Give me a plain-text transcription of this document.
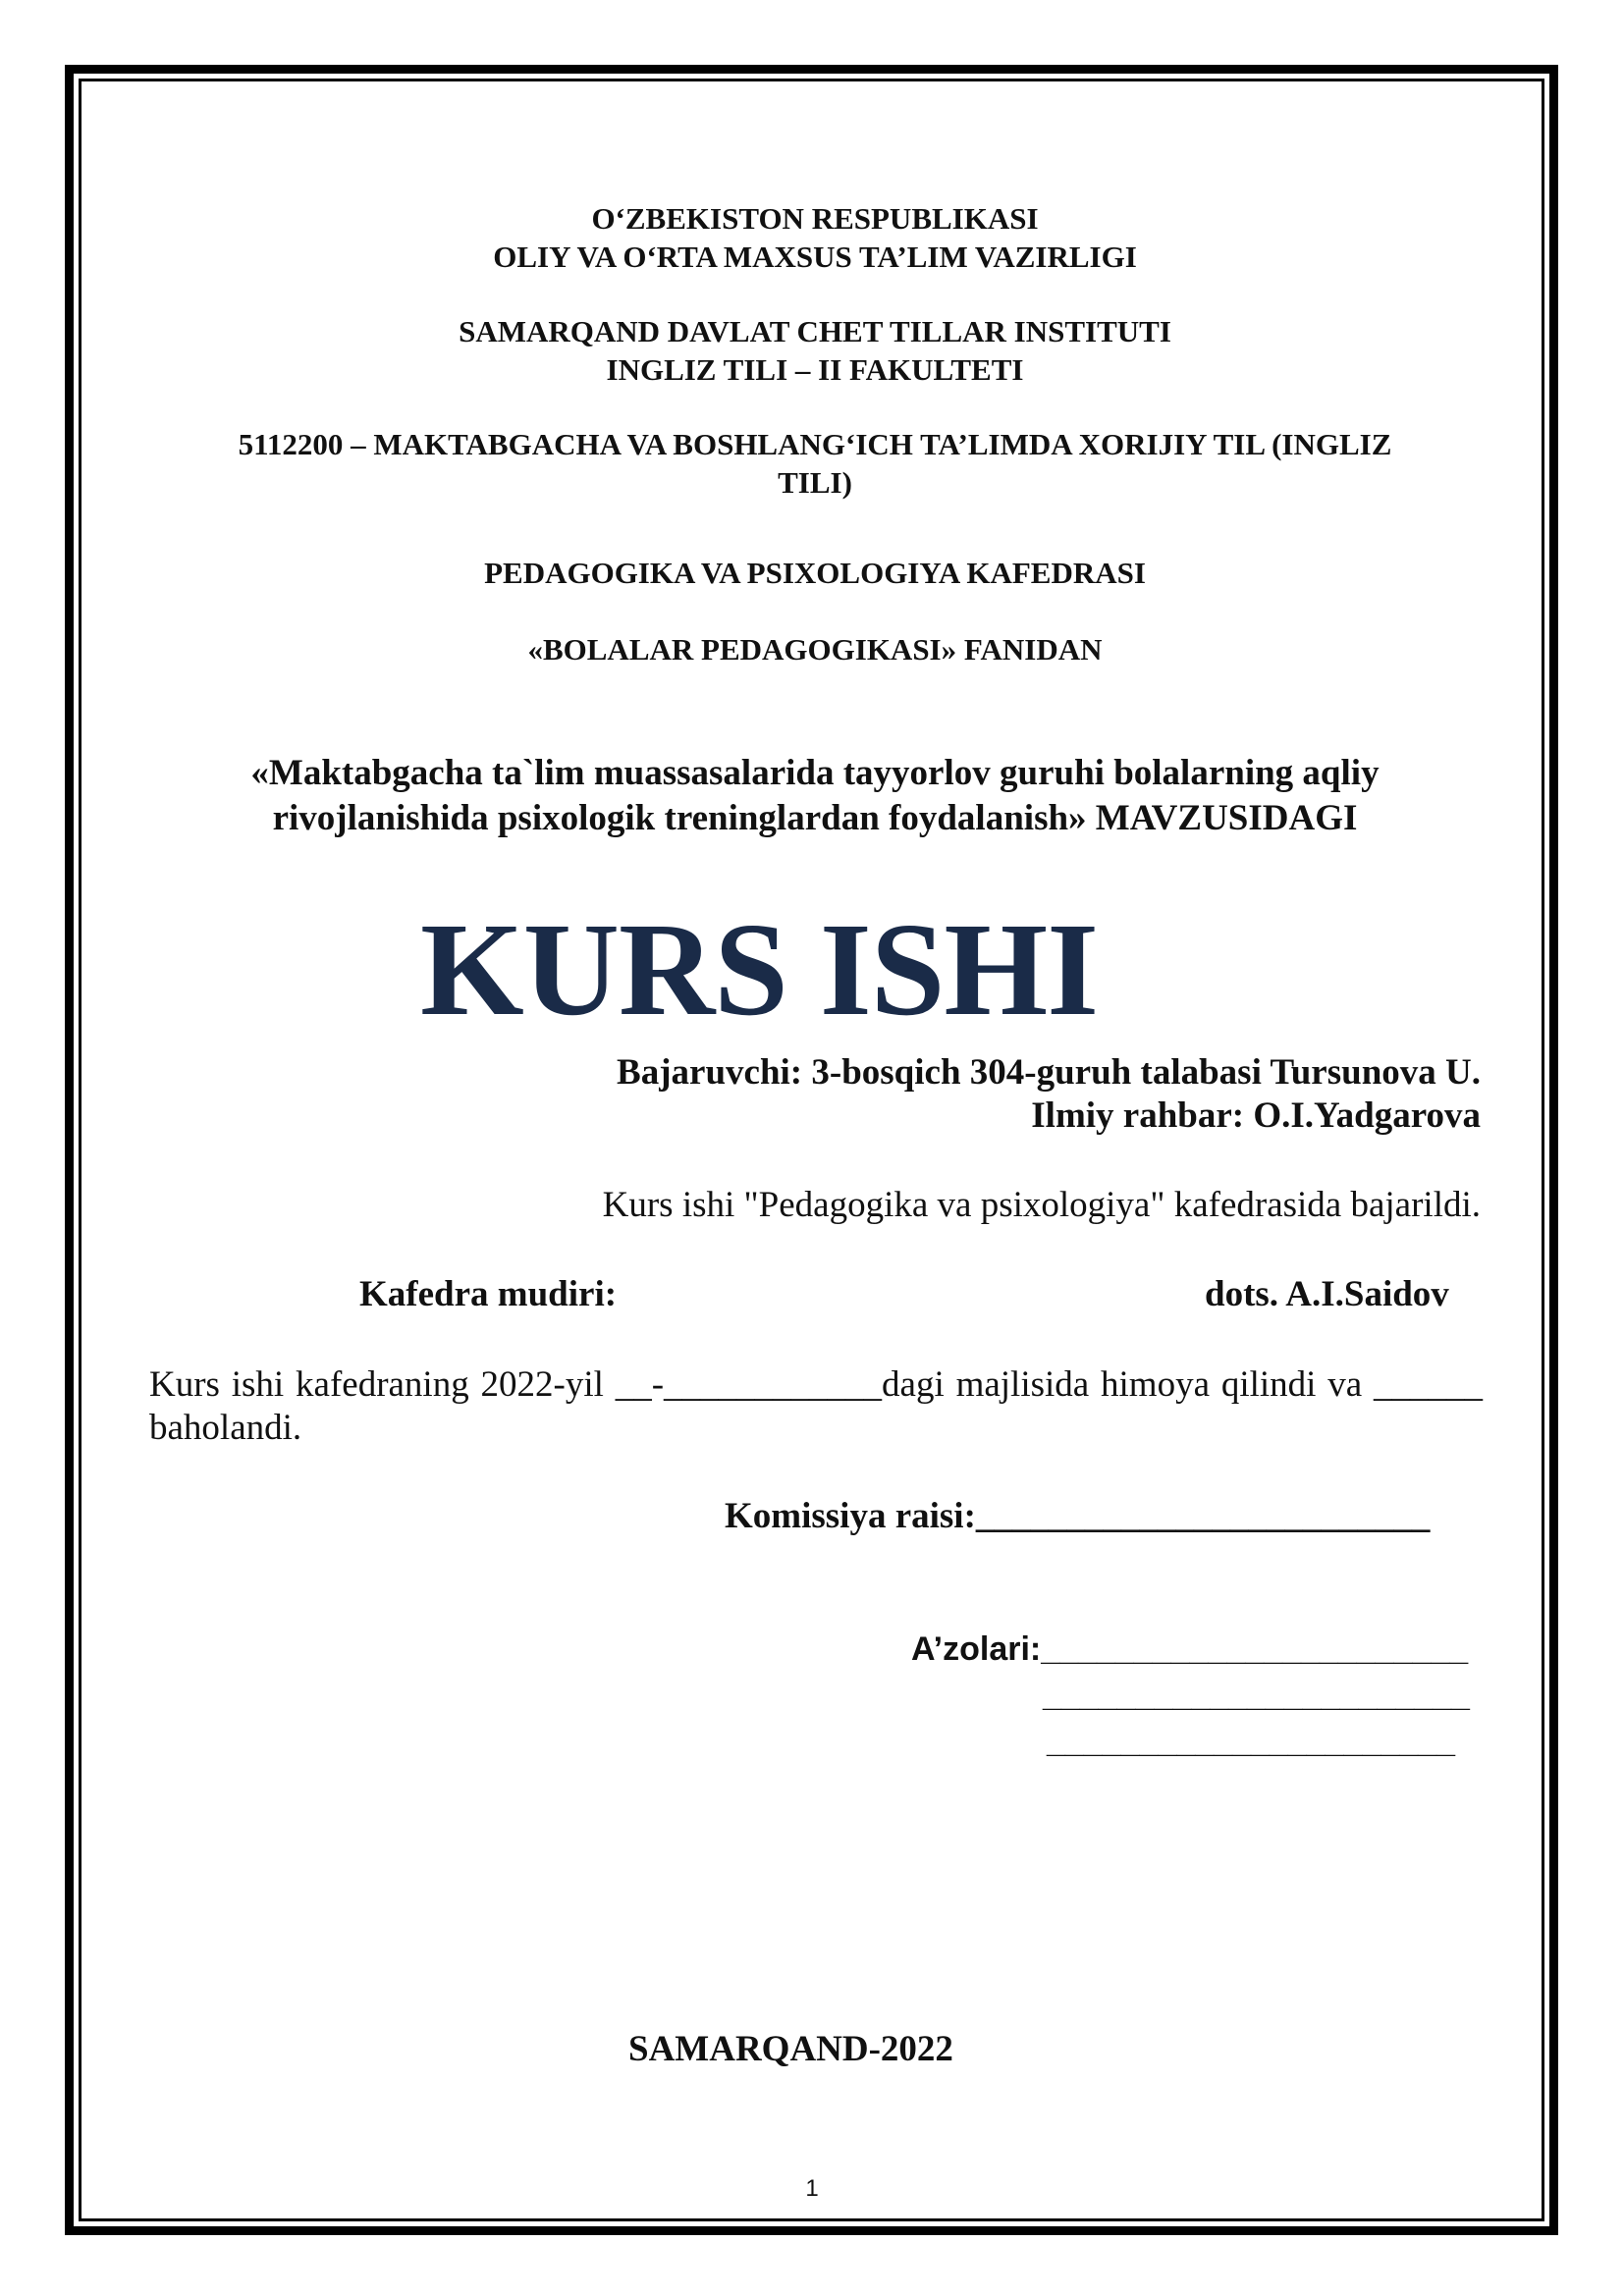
O‘ZBEKISTON RESPUBLIKASI
OLIY VA O‘RTA MAXSUS TA’LIM VAZIRLIGI
SAMARQAND DAVLAT CHET TILLAR INSTITUTI
INGLIZ TILI – II FAKULTETI
5112200 – MAKTABGACHA VA BOSHLANG‘ICH TA’LIMDA XORIJIY TIL (INGLIZ
TILI)
PEDAGOGIKA VA PSIXOLOGIYA KAFEDRASI
«BOLALAR PEDAGOGIKASI» FANIDAN
«Maktabgacha ta`lim muassasalarida tayyorlov guruhi bolalarning aqliy
rivojlanishida psixologik treninglardan foydalanish» MAVZUSIDAGI
KURS ISHI
Bajaruvchi: 3-bosqich 304-guruh talabasi Tursunova U.
Ilmiy rahbar: O.I.Yadgarova
Kurs ishi "Pedagogika va psixologiya" kafedrasida bajarildi.
Kafedra mudiri:	dots. A.I.Saidov
Kurs ishi kafedraning 2022-yil __-____________dagi majlisida himoya qilindi va ______ baholandi.
Komissiya raisi:_________________________
A’zolari:_______________________
_______________________
______________________
SAMARQAND-2022
1
